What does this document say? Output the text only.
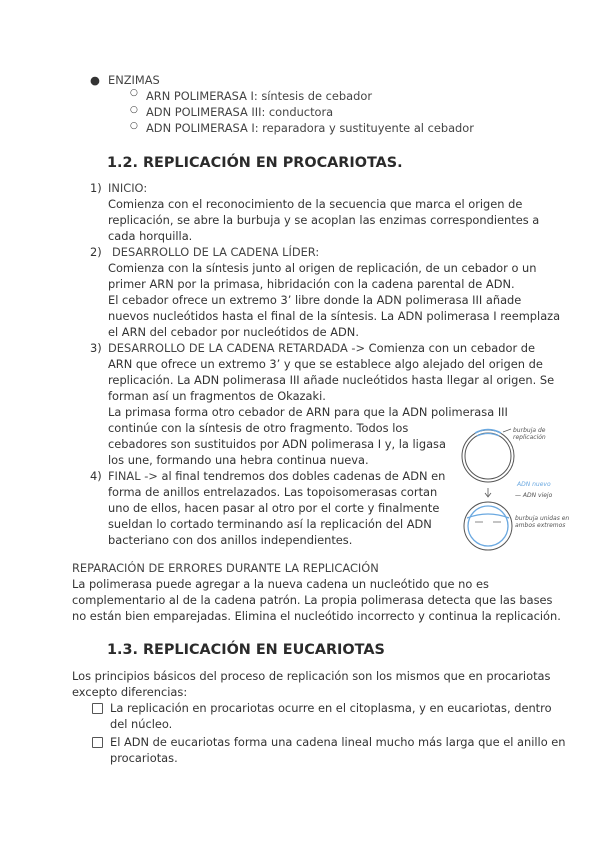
● ENZIMAS
○ ARN POLIMERASA I: síntesis de cebador
○ ADN POLIMERASA III: conductora
○ ADN POLIMERASA I: reparadora y sustituyente al cebador
1.2. REPLICACIÓN EN PROCARIOTAS.
1) INICIO:
Comienza con el reconocimiento de la secuencia que marca el origen de
replicación, se abre la burbuja y se acoplan las enzimas correspondientes a
cada horquilla.
2) DESARROLLO DE LA CADENA LÍDER:
Comienza con la síntesis junto al origen de replicación, de un cebador o un
primer ARN por la primasa, hibridación con la cadena parental de ADN.
El cebador ofrece un extremo 3’ libre donde la ADN polimerasa III añade
nuevos nucleótidos hasta el final de la síntesis. La ADN polimerasa I reemplaza
el ARN del cebador por nucleótidos de ADN.
3) DESARROLLO DE LA CADENA RETARDADA -> Comienza con un cebador de
ARN que ofrece un extremo 3’ y que se establece algo alejado del origen de
replicación. La ADN polimerasa III añade nucleótidos hasta llegar al origen. Se
forman así un fragmentos de Okazaki.
La primasa forma otro cebador de ARN para que la ADN polimerasa III
continúe con la síntesis de otro fragmento. Todos los
cebadores son sustituidos por ADN polimerasa I y, la ligasa
los une, formando una hebra continua nueva.
4) FINAL -> al final tendremos dos dobles cadenas de ADN en
forma de anillos entrelazados. Las topoisomerasas cortan
uno de ellos, hacen pasar al otro por el corte y finalmente
sueldan lo cortado terminando así la replicación del ADN
bacteriano con dos anillos independientes.
burbuja de
replicación
ADN nuevo
— ADN viejo
burbuja unidas en
ambos extremos
REPARACIÓN DE ERRORES DURANTE LA REPLICACIÓN
La polimerasa puede agregar a la nueva cadena un nucleótido que no es
complementario al de la cadena patrón. La propia polimerasa detecta que las bases
no están bien emparejadas. Elimina el nucleótido incorrecto y continua la replicación.
1.3. REPLICACIÓN EN EUCARIOTAS
Los principios básicos del proceso de replicación son los mismos que en procariotas
excepto diferencias:
La replicación en procariotas ocurre en el citoplasma, y en eucariotas, dentro
del núcleo.
El ADN de eucariotas forma una cadena lineal mucho más larga que el anillo en
procariotas.
